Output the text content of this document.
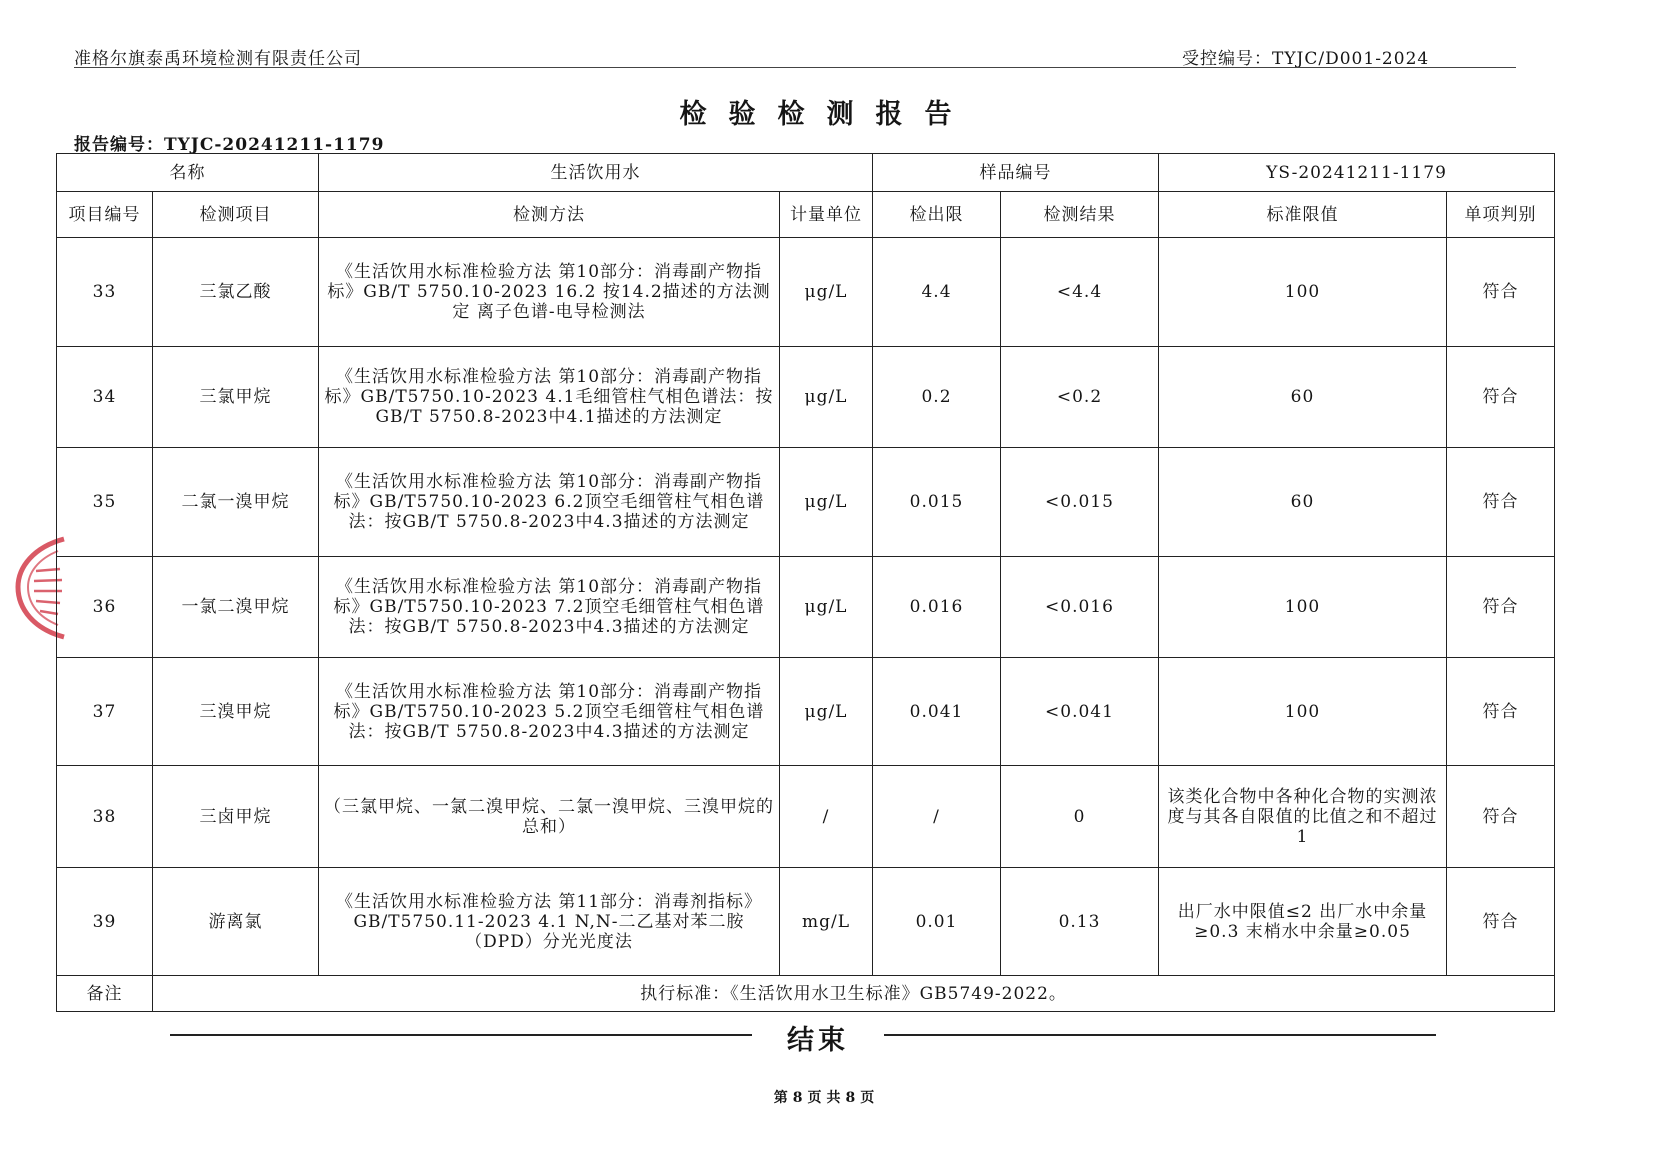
准格尔旗泰禹环境检测有限责任公司	受控编号：TYJC/D001-2024
检验检测报告
报告编号：TYJC-20241211-1179
名称		生活饮用水		样品编号		YS-20241211-1179	
项目编号	检测项目	检测方法	计量单位	检出限	检测结果	标准限值	单项判别
33	三氯乙酸	《生活饮用水标准检验方法 第10部分：消毒副产物指标》GB/T 5750.10-2023 16.2 按14.2描述的方法测定 离子色谱-电导检测法	μg/L	4.4	<4.4	100	符合
34	三氯甲烷	《生活饮用水标准检验方法 第10部分：消毒副产物指标》GB/T5750.10-2023 4.1毛细管柱气相色谱法：按GB/T 5750.8-2023中4.1描述的方法测定	μg/L	0.2	<0.2	60	符合
35	二氯一溴甲烷	《生活饮用水标准检验方法 第10部分：消毒副产物指标》GB/T5750.10-2023 6.2顶空毛细管柱气相色谱法：按GB/T 5750.8-2023中4.3描述的方法测定	μg/L	0.015	<0.015	60	符合
36	一氯二溴甲烷	《生活饮用水标准检验方法 第10部分：消毒副产物指标》GB/T5750.10-2023 7.2顶空毛细管柱气相色谱法：按GB/T 5750.8-2023中4.3描述的方法测定	μg/L	0.016	<0.016	100	符合
37	三溴甲烷	《生活饮用水标准检验方法 第10部分：消毒副产物指标》GB/T5750.10-2023 5.2顶空毛细管柱气相色谱法：按GB/T 5750.8-2023中4.3描述的方法测定	μg/L	0.041	<0.041	100	符合
38	三卤甲烷	（三氯甲烷、一氯二溴甲烷、二氯一溴甲烷、三溴甲烷的总和）	/	/	0	该类化合物中各种化合物的实测浓度与其各自限值的比值之和不超过1	符合
39	游离氯	《生活饮用水标准检验方法 第11部分：消毒剂指标》GB/T5750.11-2023 4.1 N,N-二乙基对苯二胺（DPD）分光光度法	mg/L	0.01	0.13	出厂水中限值≤2 出厂水中余量≥0.3 末梢水中余量≥0.05	符合
备注	执行标准：《生活饮用水卫生标准》GB5749-2022。						
结束
第8页共8页
